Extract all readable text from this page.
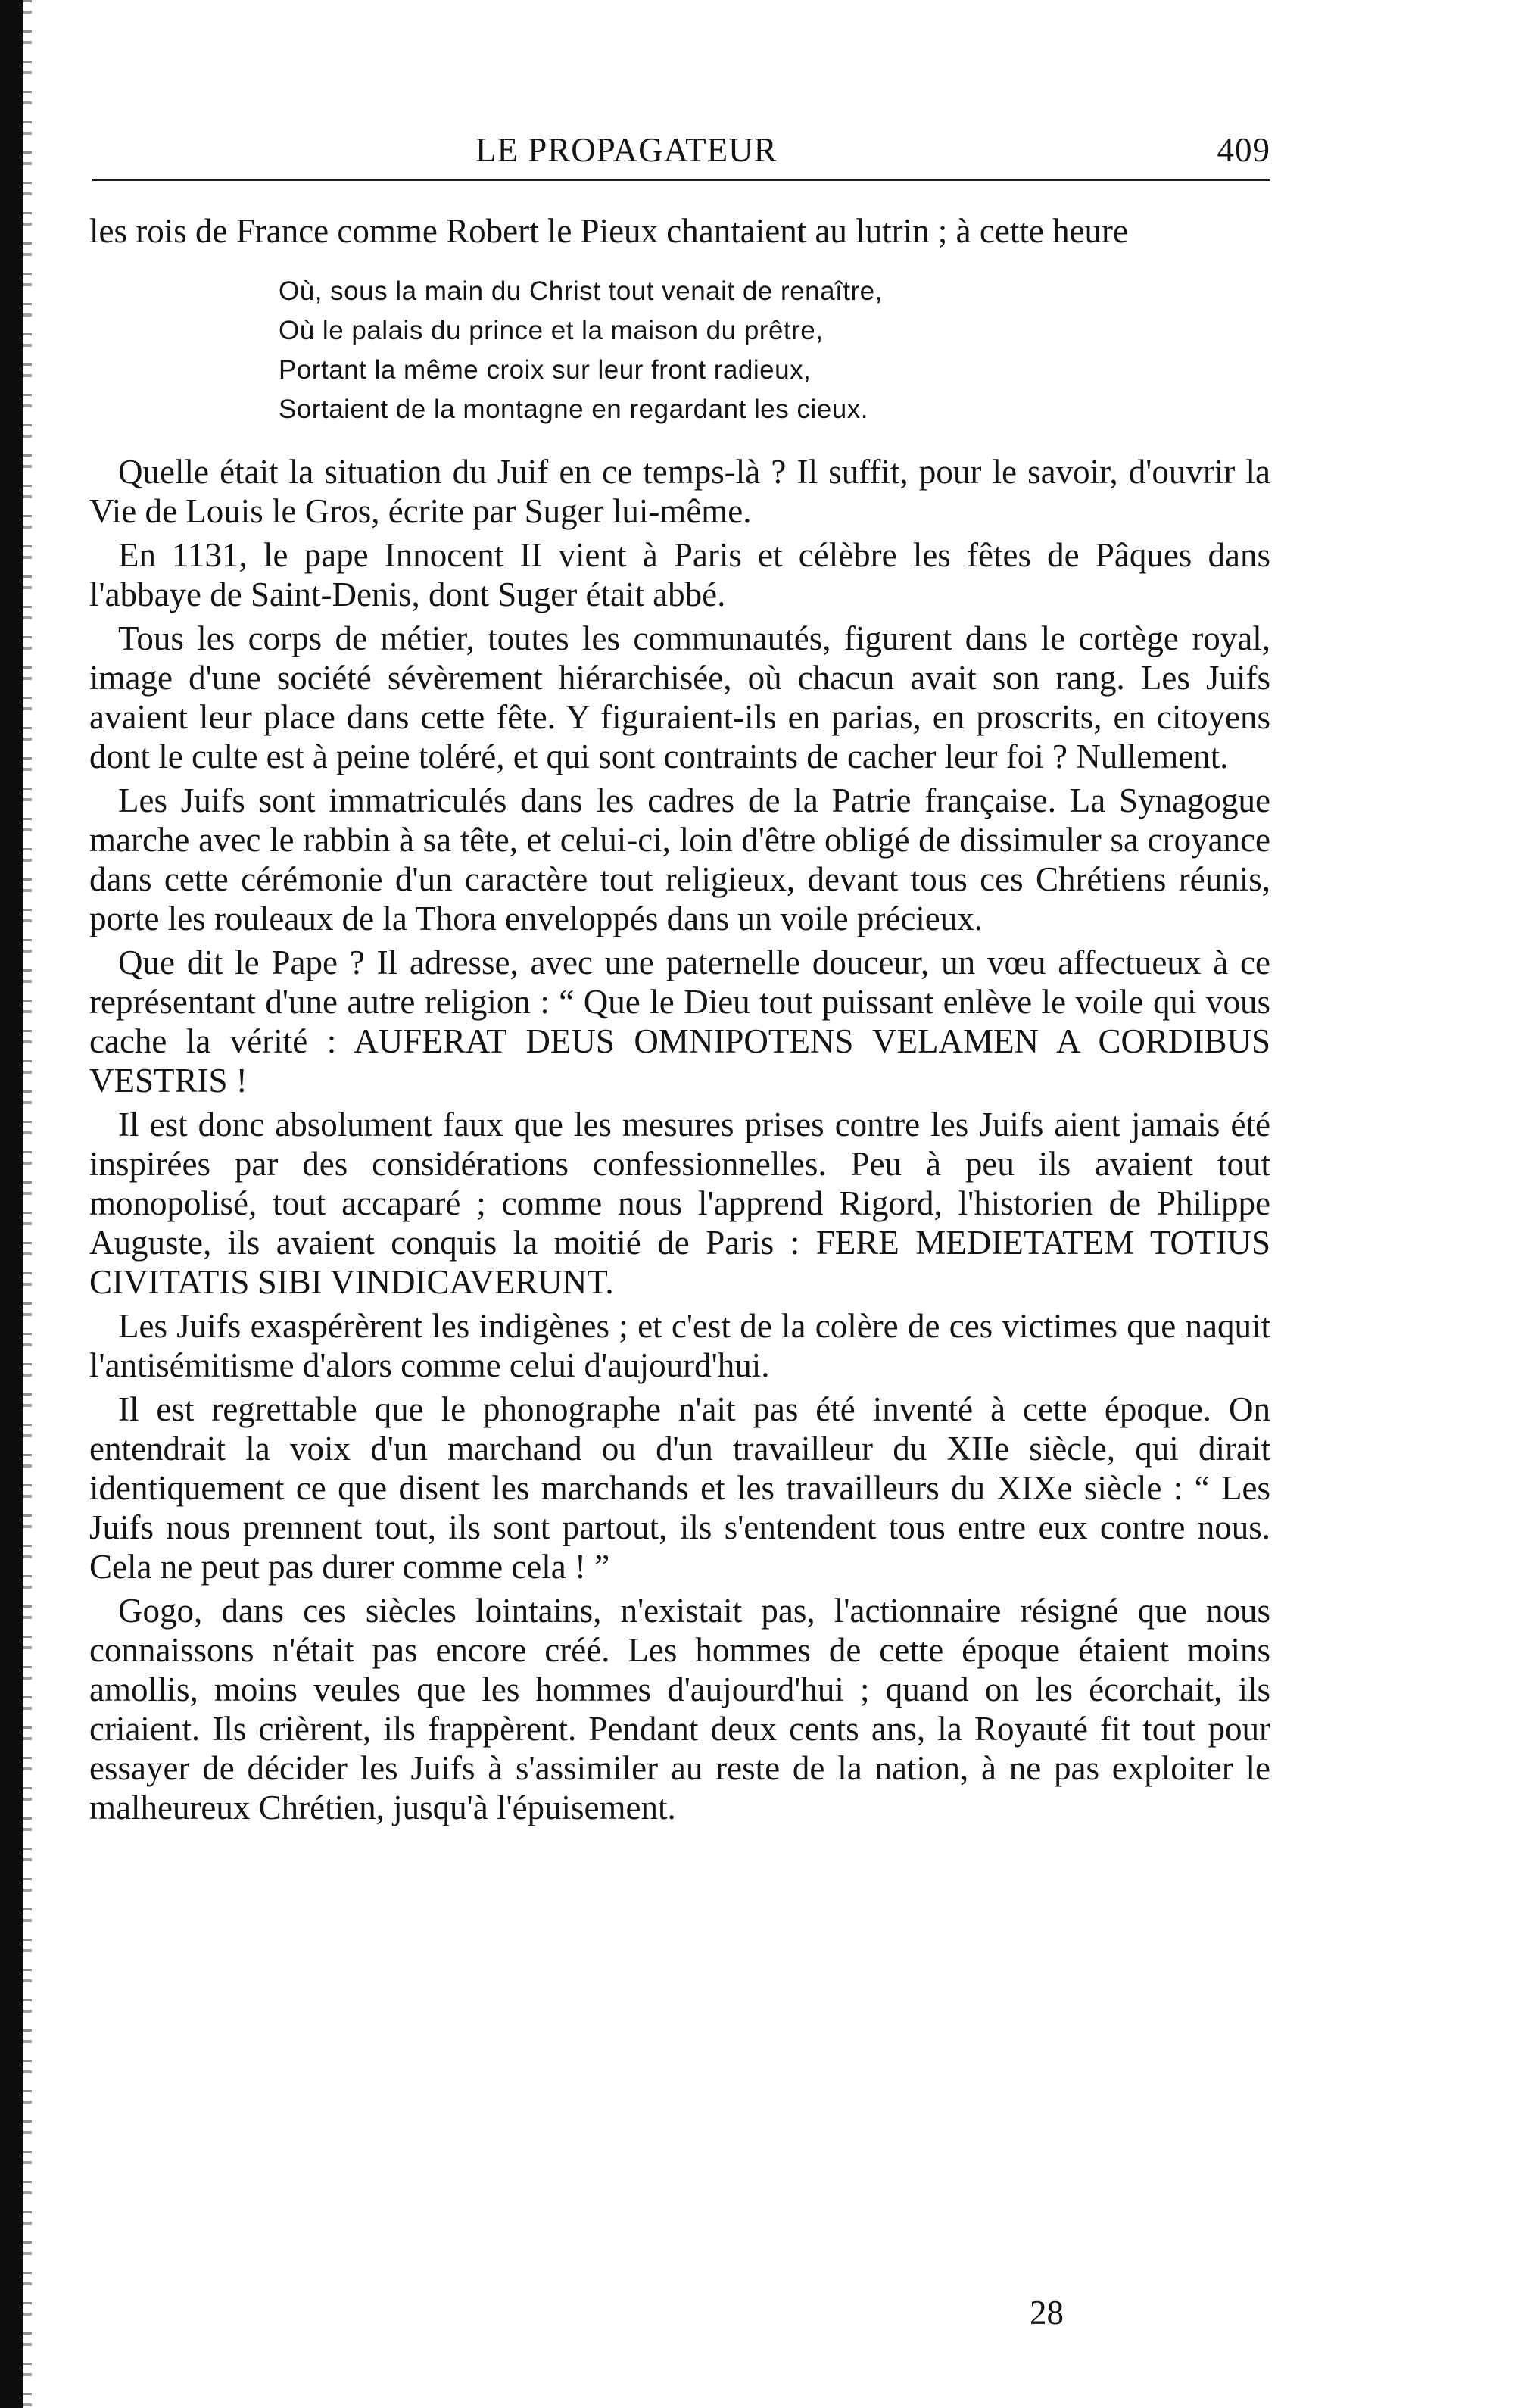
LE PROPAGATEUR	409

les rois de France comme Robert le Pieux chantaient au lutrin ; à cette heure

Où, sous la main du Christ tout venait de renaître,
Où le palais du prince et la maison du prêtre,
Portant la même croix sur leur front radieux,
Sortaient de la montagne en regardant les cieux.

Quelle était la situation du Juif en ce temps-là ? Il suffit, pour le savoir, d'ouvrir la Vie de Louis le Gros, écrite par Suger lui-même.

En 1131, le pape Innocent II vient à Paris et célèbre les fêtes de Pâques dans l'abbaye de Saint-Denis, dont Suger était abbé.

Tous les corps de métier, toutes les communautés, figurent dans le cortège royal, image d'une société sévèrement hiérarchisée, où chacun avait son rang. Les Juifs avaient leur place dans cette fête. Y figuraient-ils en parias, en proscrits, en citoyens dont le culte est à peine toléré, et qui sont contraints de cacher leur foi ? Nullement.

Les Juifs sont immatriculés dans les cadres de la Patrie française. La Synagogue marche avec le rabbin à sa tête, et celui-ci, loin d'être obligé de dissimuler sa croyance dans cette cérémonie d'un caractère tout religieux, devant tous ces Chrétiens réunis, porte les rouleaux de la Thora enveloppés dans un voile précieux.

Que dit le Pape ? Il adresse, avec une paternelle douceur, un vœu affectueux à ce représentant d'une autre religion : “ Que le Dieu tout puissant enlève le voile qui vous cache la vérité : AUFERAT DEUS OMNIPOTENS VELAMEN A CORDIBUS VESTRIS !

Il est donc absolument faux que les mesures prises contre les Juifs aient jamais été inspirées par des considérations confessionnelles. Peu à peu ils avaient tout monopolisé, tout accaparé ; comme nous l'apprend Rigord, l'historien de Philippe Auguste, ils avaient conquis la moitié de Paris : FERE MEDIETATEM TOTIUS CIVITATIS SIBI VINDICAVERUNT.

Les Juifs exaspérèrent les indigènes ; et c'est de la colère de ces victimes que naquit l'antisémitisme d'alors comme celui d'aujourd'hui.

Il est regrettable que le phonographe n'ait pas été inventé à cette époque. On entendrait la voix d'un marchand ou d'un travailleur du XIIe siècle, qui dirait identiquement ce que disent les marchands et les travailleurs du XIXe siècle : “ Les Juifs nous prennent tout, ils sont partout, ils s'entendent tous entre eux contre nous. Cela ne peut pas durer comme cela ! ”

Gogo, dans ces siècles lointains, n'existait pas, l'actionnaire résigné que nous connaissons n'était pas encore créé. Les hommes de cette époque étaient moins amollis, moins veules que les hommes d'aujourd'hui ; quand on les écorchait, ils criaient. Ils crièrent, ils frappèrent. Pendant deux cents ans, la Royauté fit tout pour essayer de décider les Juifs à s'assimiler au reste de la nation, à ne pas exploiter le malheureux Chrétien, jusqu'à l'épuisement.

28
